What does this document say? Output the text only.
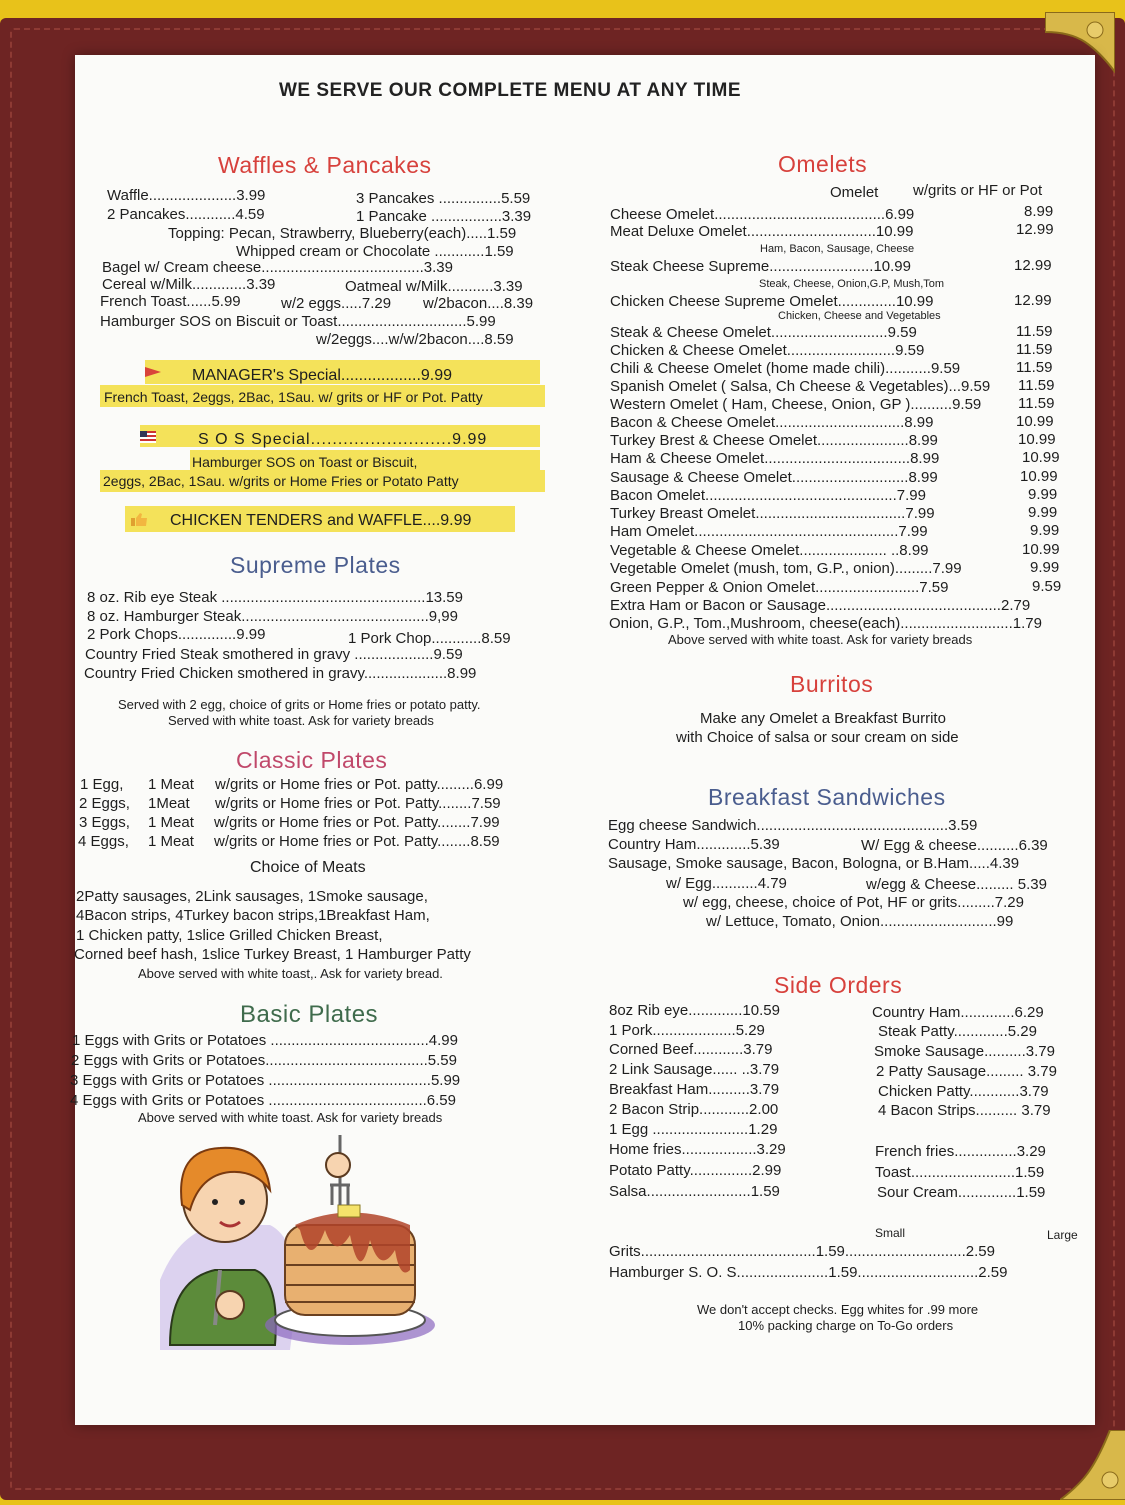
WE SERVE OUR COMPLETE MENU AT ANY TIME
Waffles & Pancakes
Waffle.....................3.99
2 Pancakes............4.59
3 Pancakes ...............5.59
1 Pancake .................3.39
Topping: Pecan, Strawberry, Blueberry(each).....1.59
Whipped cream or Chocolate ............1.59
Bagel w/ Cream cheese.......................................3.39
Cereal w/Milk.............3.39	Oatmeal w/Milk...........3.39
French Toast......5.99	w/2 eggs.....7.29 w/2bacon....8.39
Hamburger SOS on Biscuit or Toast...............................5.99
w/2eggs....w/w/2bacon....8.59
MANAGER's Special..................9.99
French Toast, 2eggs, 2Bac, 1Sau. w/ grits or HF or Pot. Patty
S O S Special..........................9.99
Hamburger SOS on Toast or Biscuit,
2eggs, 2Bac, 1Sau. w/grits or Home Fries or Potato Patty
CHICKEN TENDERS and WAFFLE....9.99
Supreme Plates
8 oz. Rib eye Steak .................................................13.59
8 oz. Hamburger Steak.............................................9,99
2 Pork Chops..............9.99	1 Pork Chop............8.59
Country Fried Steak smothered in gravy ...................9.59
Country Fried Chicken smothered in gravy....................8.99
Served with 2 egg, choice of grits or Home fries or potato patty.
Served with white toast. Ask for variety breads
Classic Plates
1 Egg, 1 Meat w/grits or Home fries or Pot. patty.........6.99
2 Eggs, 1Meat w/grits or Home fries or Pot. Patty........7.59
3 Eggs, 1 Meat w/grits or Home fries or Pot. Patty........7.99
4 Eggs, 1 Meat w/grits or Home fries or Pot. Patty........8.59
Choice of Meats
2Patty sausages, 2Link sausages, 1Smoke sausage,
4Bacon strips, 4Turkey bacon strips,1Breakfast Ham,
1 Chicken patty, 1slice Grilled Chicken Breast,
Corned beef hash, 1slice Turkey Breast, 1 Hamburger Patty
Above served with white toast,. Ask for variety bread.
Basic Plates
1 Eggs with Grits or Potatoes ......................................4.99
2 Eggs with Grits or Potatoes.......................................5.59
3 Eggs with Grits or Potatoes .......................................5.99
4 Eggs with Grits or Potatoes ......................................6.59
Above served with white toast. Ask for variety breads
Omelets
Omelet w/grits or HF or Pot
Cheese Omelet.........................................6.99	8.99
Meat Deluxe Omelet...............................10.99	12.99
Ham, Bacon, Sausage, Cheese
Steak Cheese Supreme.........................10.99	12.99
Steak, Cheese, Onion,G.P, Mush,Tom
Chicken Cheese Supreme Omelet..............10.99	12.99
Chicken, Cheese and Vegetables
Steak & Cheese Omelet............................9.59	11.59
Chicken & Cheese Omelet..........................9.59	11.59
Chili & Cheese Omelet (home made chili)...........9.59	11.59
Spanish Omelet ( Salsa, Ch Cheese & Vegetables)...9.59 11.59
Western Omelet ( Ham, Cheese, Onion, GP )..........9.59 11.59
Bacon & Cheese Omelet...............................8.99	10.99
Turkey Brest & Cheese Omelet......................8.99	10.99
Ham & Cheese Omelet...................................8.99	10.99
Sausage & Cheese Omelet............................8.99	10.99
Bacon Omelet..............................................7.99	9.99
Turkey Breast Omelet....................................7.99	9.99
Ham Omelet.................................................7.99	9.99
Vegetable & Cheese Omelet..................... ..8.99	10.99
Vegetable Omelet (mush, tom, G.P., onion).........7.99	9.99
Green Pepper & Onion Omelet.........................7.59	9.59
Extra Ham or Bacon or Sausage..........................................2.79
Onion, G.P., Tom.,Mushroom, cheese(each)...........................1.79
Above served with white toast. Ask for variety breads
Burritos
Make any Omelet a Breakfast Burrito
with Choice of salsa or sour cream on side
Breakfast Sandwiches
Egg cheese Sandwich..............................................3.59
Country Ham.............5.39	W/ Egg & cheese..........6.39
Sausage, Smoke sausage, Bacon, Bologna, or B.Ham.....4.39
w/ Egg...........4.79	w/egg & Cheese......... 5.39
w/ egg, cheese, choice of Pot, HF or grits.........7.29
w/ Lettuce, Tomato, Onion............................99
Side Orders
8oz Rib eye.............10.59
1 Pork....................5.29
Corned Beef............3.79
2 Link Sausage...... ..3.79
Breakfast Ham..........3.79
2 Bacon Strip............2.00
1 Egg .......................1.29
Home fries..................3.29
Potato Patty...............2.99
Salsa.........................1.59
Country Ham.............6.29
Steak Patty.............5.29
Smoke Sausage..........3.79
2 Patty Sausage......... 3.79
Chicken Patty............3.79
4 Bacon Strips.......... 3.79
French fries...............3.29
Toast.........................1.59
Sour Cream..............1.59
Small	Large
Grits..........................................1.59.............................2.59
Hamburger S. O. S......................1.59.............................2.59
We don't accept checks. Egg whites for .99 more
10% packing charge on To-Go orders
